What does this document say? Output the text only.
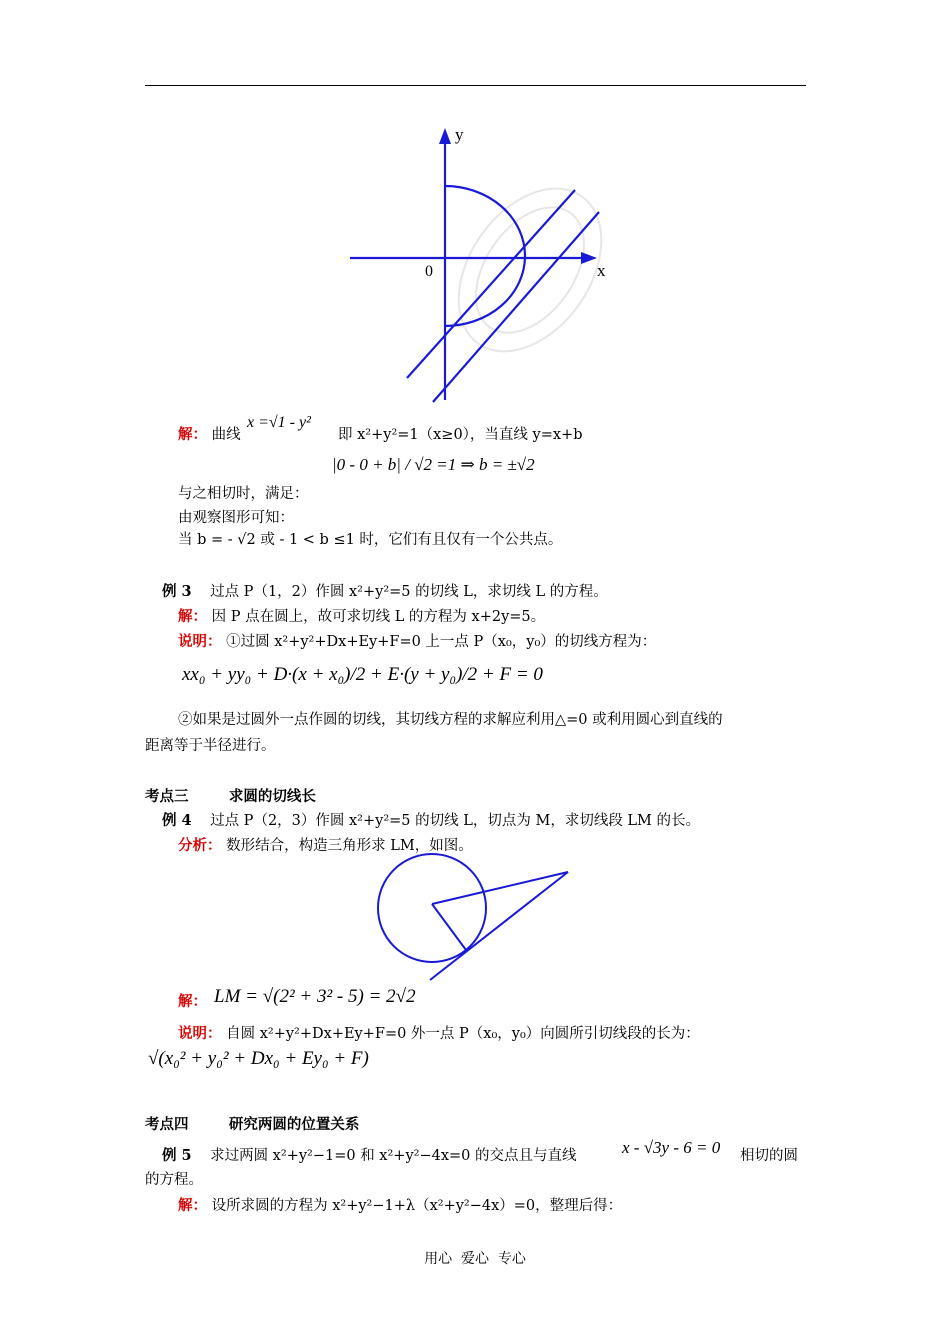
y
x
0
解： 曲线
x =√1 - y²
即 x²+y²=1（x≥0），当直线 y=x+b
|0 - 0 + b| / √2 =1 ⇒ b = ±√2
与之相切时，满足：
由观察图形可知：
当 b = - √2 或 - 1 < b ≤1 时，它们有且仅有一个公共点。
例 3 过点 P（1，2）作圆 x²+y²=5 的切线 L，求切线 L 的方程。
解： 因 P 点在圆上，故可求切线 L 的方程为 x+2y=5。
说明： ①过圆 x²+y²+Dx+Ey+F=0 上一点 P（x₀，y₀）的切线方程为：
xx₀ + yy₀ + D·(x + x₀)/2 + E·(y + y₀)/2 + F = 0
②如果是过圆外一点作圆的切线，其切线方程的求解应利用△=0 或利用圆心到直线的
距离等于半径进行。
考点三	求圆的切线长
例 4 过点 P（2，3）作圆 x²+y²=5 的切线 L，切点为 M，求切线段 LM 的长。
分析： 数形结合，构造三角形求 LM，如图。
解： LM = √(2² + 3² - 5) = 2√2
说明： 自圆 x²+y²+Dx+Ey+F=0 外一点 P（x₀，y₀）向圆所引切线段的长为：
√(x₀² + y₀² + Dx₀ + Ey₀ + F)
考点四	研究两圆的位置关系
例 5 求过两圆 x²+y²−1=0 和 x²+y²−4x=0 的交点且与直线	x - √3y - 6 = 0 相切的圆
的方程。
解： 设所求圆的方程为 x²+y²−1+λ（x²+y²−4x）=0，整理后得：
用心  爱心  专心
